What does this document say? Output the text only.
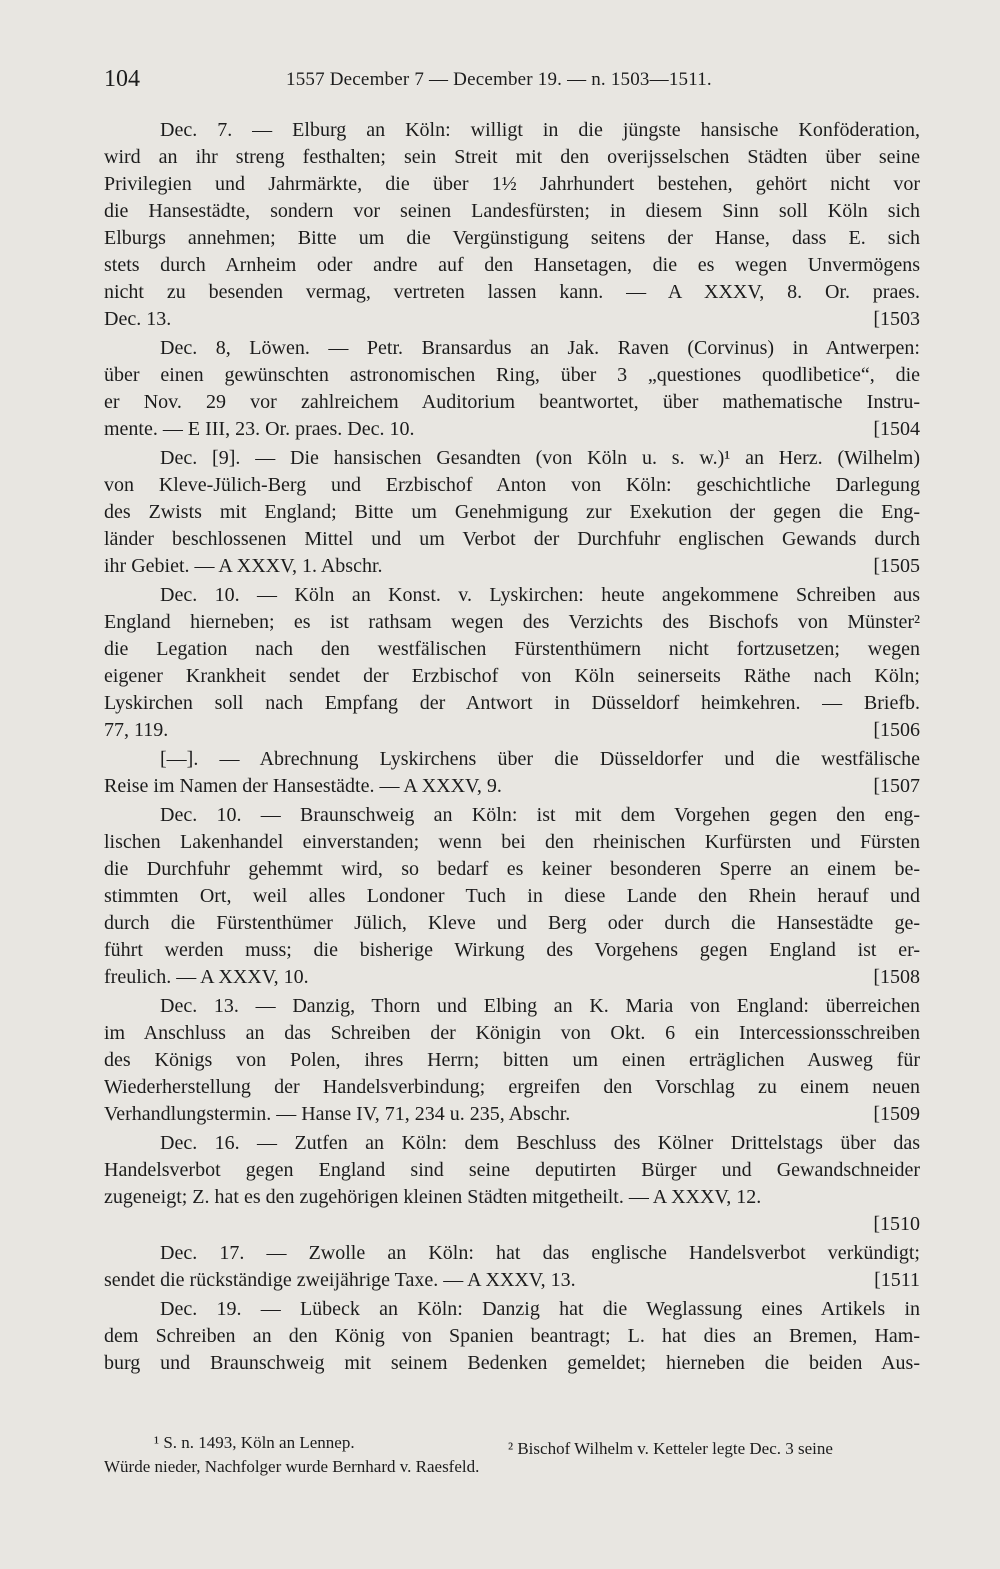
104	1557 December 7 — December 19. — n. 1503—1511.
Dec. 7. — Elburg an Köln: willigt in die jüngste hansische Konföderation,
wird an ihr streng festhalten; sein Streit mit den overijsselschen Städten über seine
Privilegien und Jahrmärkte, die über 1½ Jahrhundert bestehen, gehört nicht vor
die Hansestädte, sondern vor seinen Landesfürsten; in diesem Sinn soll Köln sich
Elburgs annehmen; Bitte um die Vergünstigung seitens der Hanse, dass E. sich
stets durch Arnheim oder andre auf den Hansetagen, die es wegen Unvermögens
nicht zu besenden vermag, vertreten lassen kann. — A XXXV, 8. Or. praes.
[1503
Dec. 13.
Dec. 8, Löwen. — Petr. Bransardus an Jak. Raven (Corvinus) in Antwerpen:
über einen gewünschten astronomischen Ring, über 3 „questiones quodlibetice“, die
er Nov. 29 vor zahlreichem Auditorium beantwortet, über mathematische Instru-
[1504
mente. — E III, 23. Or. praes. Dec. 10.
Dec. [9]. — Die hansischen Gesandten (von Köln u. s. w.)¹ an Herz. (Wilhelm)
von Kleve-Jülich-Berg und Erzbischof Anton von Köln: geschichtliche Darlegung
des Zwists mit England; Bitte um Genehmigung zur Exekution der gegen die Eng-
länder beschlossenen Mittel und um Verbot der Durchfuhr englischen Gewands durch
[1505
ihr Gebiet. — A XXXV, 1. Abschr.
Dec. 10. — Köln an Konst. v. Lyskirchen: heute angekommene Schreiben aus
England hierneben; es ist rathsam wegen des Verzichts des Bischofs von Münster²
die Legation nach den westfälischen Fürstenthümern nicht fortzusetzen; wegen
eigener Krankheit sendet der Erzbischof von Köln seinerseits Räthe nach Köln;
Lyskirchen soll nach Empfang der Antwort in Düsseldorf heimkehren. — Briefb.
[1506
77, 119.
[—]. — Abrechnung Lyskirchens über die Düsseldorfer und die westfälische
[1507
Reise im Namen der Hansestädte. — A XXXV, 9.
Dec. 10. — Braunschweig an Köln: ist mit dem Vorgehen gegen den eng-
lischen Lakenhandel einverstanden; wenn bei den rheinischen Kurfürsten und Fürsten
die Durchfuhr gehemmt wird, so bedarf es keiner besonderen Sperre an einem be-
stimmten Ort, weil alles Londoner Tuch in diese Lande den Rhein herauf und
durch die Fürstenthümer Jülich, Kleve und Berg oder durch die Hansestädte ge-
führt werden muss; die bisherige Wirkung des Vorgehens gegen England ist er-
[1508
freulich. — A XXXV, 10.
Dec. 13. — Danzig, Thorn und Elbing an K. Maria von England: überreichen
im Anschluss an das Schreiben der Königin von Okt. 6 ein Intercessionsschreiben
des Königs von Polen, ihres Herrn; bitten um einen erträglichen Ausweg für
Wiederherstellung der Handelsverbindung; ergreifen den Vorschlag zu einem neuen
[1509
Verhandlungstermin. — Hanse IV, 71, 234 u. 235, Abschr.
Dec. 16. — Zutfen an Köln: dem Beschluss des Kölner Drittelstags über das
Handelsverbot gegen England sind seine deputirten Bürger und Gewandschneider
zugeneigt; Z. hat es den zugehörigen kleinen Städten mitgetheilt. — A XXXV, 12.
[1510
Dec. 17. — Zwolle an Köln: hat das englische Handelsverbot verkündigt;
[1511
sendet die rückständige zweijährige Taxe. — A XXXV, 13.
Dec. 19. — Lübeck an Köln: Danzig hat die Weglassung eines Artikels in
dem Schreiben an den König von Spanien beantragt; L. hat dies an Bremen, Ham-
burg und Braunschweig mit seinem Bedenken gemeldet; hierneben die beiden Aus-
¹ S. n. 1493, Köln an Lennep.	² Bischof Wilhelm v. Ketteler legte Dec. 3 seine
Würde nieder, Nachfolger wurde Bernhard v. Raesfeld.
